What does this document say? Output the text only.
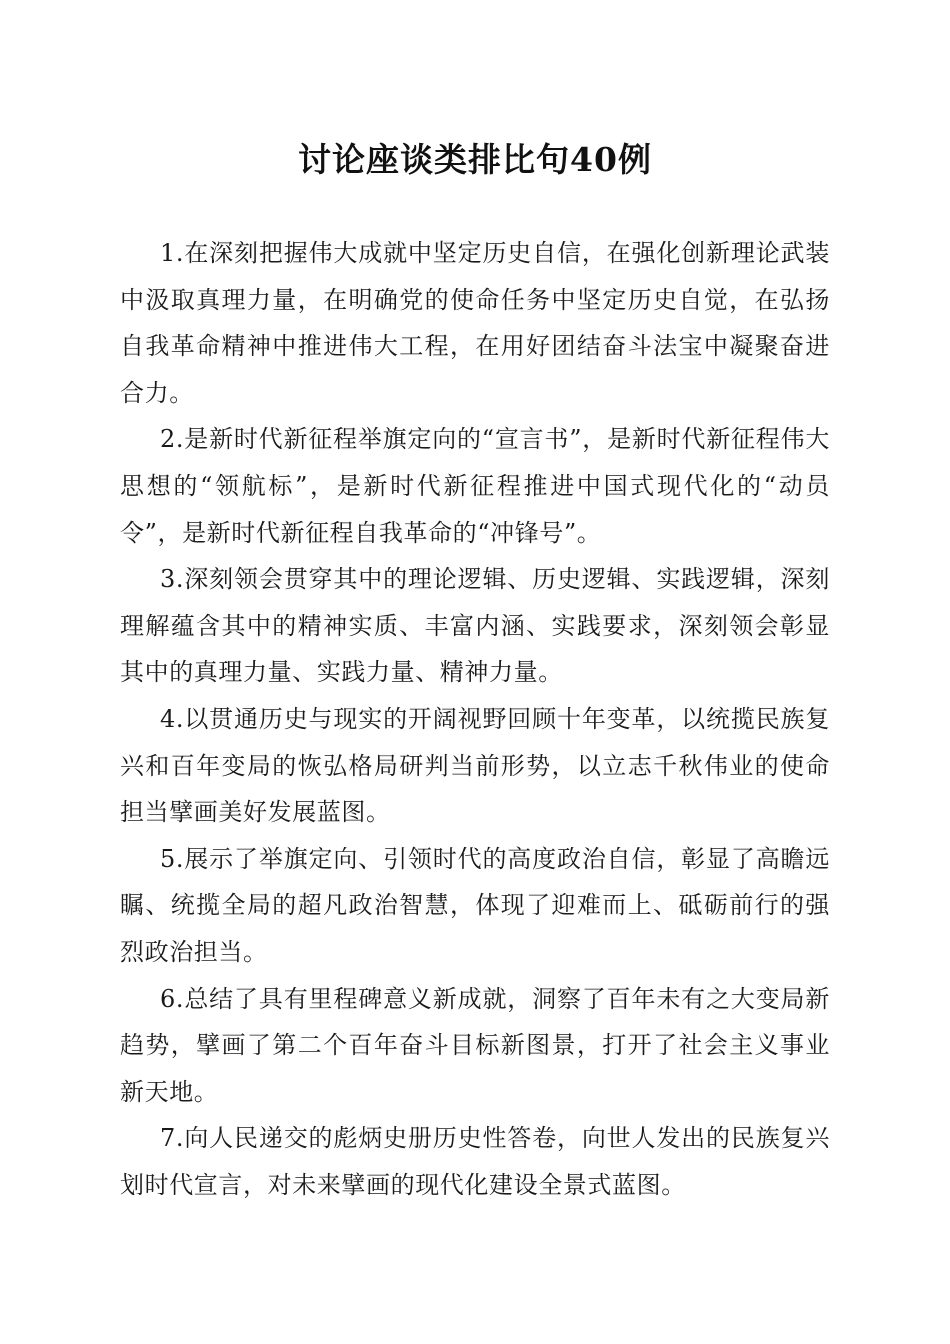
讨论座谈类排比句40例

1.在深刻把握伟大成就中坚定历史自信，在强化创新理论武装中汲取真理力量，在明确党的使命任务中坚定历史自觉，在弘扬自我革命精神中推进伟大工程，在用好团结奋斗法宝中凝聚奋进合力。

2.是新时代新征程举旗定向的“宣言书”，是新时代新征程伟大思想的“领航标”，是新时代新征程推进中国式现代化的“动员令”，是新时代新征程自我革命的“冲锋号”。

3.深刻领会贯穿其中的理论逻辑、历史逻辑、实践逻辑，深刻理解蕴含其中的精神实质、丰富内涵、实践要求，深刻领会彰显其中的真理力量、实践力量、精神力量。

4.以贯通历史与现实的开阔视野回顾十年变革，以统揽民族复兴和百年变局的恢弘格局研判当前形势，以立志千秋伟业的使命担当擘画美好发展蓝图。

5.展示了举旗定向、引领时代的高度政治自信，彰显了高瞻远瞩、统揽全局的超凡政治智慧，体现了迎难而上、砥砺前行的强烈政治担当。

6.总结了具有里程碑意义新成就，洞察了百年未有之大变局新趋势，擘画了第二个百年奋斗目标新图景，打开了社会主义事业新天地。

7.向人民递交的彪炳史册历史性答卷，向世人发出的民族复兴划时代宣言，对未来擘画的现代化建设全景式蓝图。
